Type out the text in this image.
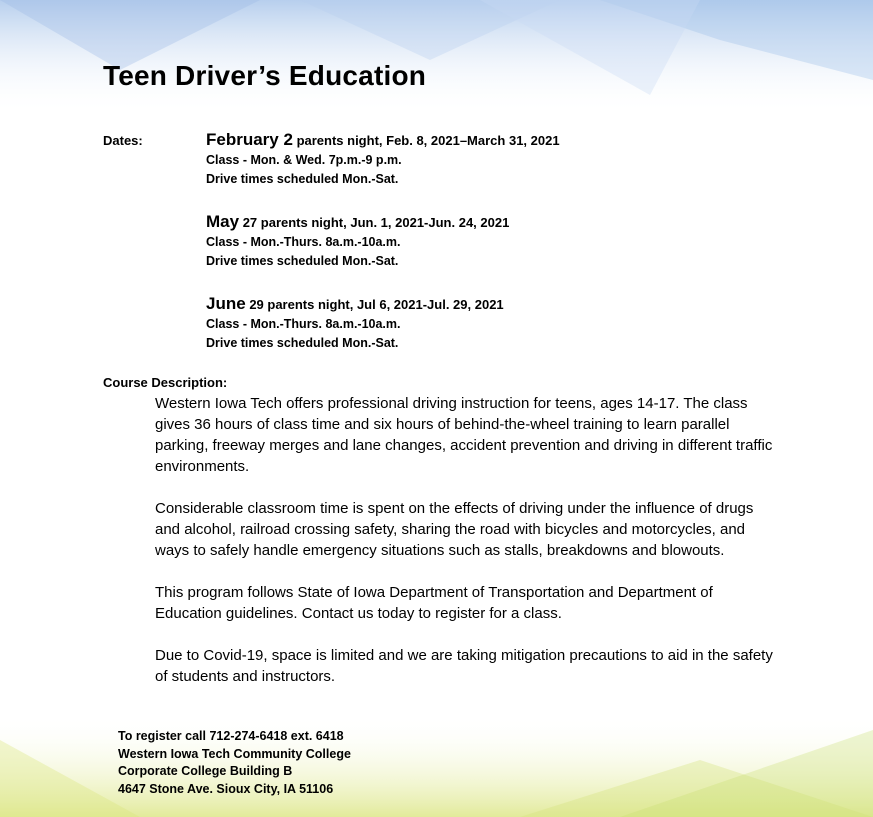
Teen Driver’s Education
Dates:	February 2 parents night, Feb. 8, 2021–March 31, 2021
Class - Mon. & Wed. 7p.m.-9 p.m.
Drive times scheduled Mon.-Sat.
May 27 parents night, Jun. 1, 2021-Jun. 24, 2021
Class - Mon.-Thurs. 8a.m.-10a.m.
Drive times scheduled Mon.-Sat.
June 29 parents night, Jul 6, 2021-Jul. 29, 2021
Class - Mon.-Thurs. 8a.m.-10a.m.
Drive times scheduled Mon.-Sat.
Course Description:

Western Iowa Tech offers professional driving instruction for teens, ages 14-17. The class gives 36 hours of class time and six hours of behind-the-wheel training to learn parallel parking, freeway merges and lane changes, accident prevention and driving in different traffic environments.

Considerable classroom time is spent on the effects of driving under the influence of drugs and alcohol, railroad crossing safety, sharing the road with bicycles and motorcycles, and ways to safely handle emergency situations such as stalls, breakdowns and blowouts.

This program follows State of Iowa Department of Transportation and Department of Education guidelines. Contact us today to register for a class.

Due to Covid-19, space is limited and we are taking mitigation precautions to aid in the safety of students and instructors.

To register call 712-274-6418 ext. 6418
Western Iowa Tech Community College
Corporate College Building B
4647 Stone Ave. Sioux City, IA 51106
